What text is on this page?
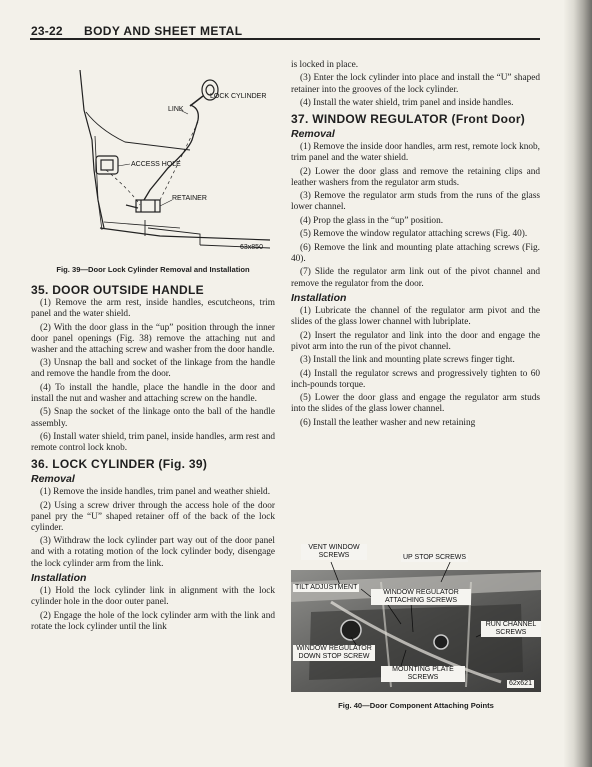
23-22 BODY AND SHEET METAL
LOCK CYLINDER
LINK
ACCESS HOLE
RETAINER
63x850
Fig. 39—Door Lock Cylinder Removal and Installation
35. DOOR OUTSIDE HANDLE

(1) Remove the arm rest, inside handles, escutcheons, trim panel and the water shield.

(2) With the door glass in the “up” position through the inner door panel openings (Fig. 38) remove the attaching nut and washer and the attaching screw and washer from the door handle.

(3) Unsnap the ball and socket of the linkage from the handle and remove the handle from the door.

(4) To install the handle, place the handle in the door and install the nut and washer and attaching screw on the handle.

(5) Snap the socket of the linkage onto the ball of the handle assembly.

(6) Install water shield, trim panel, inside handles, arm rest and remote control lock knob.

36. LOCK CYLINDER (Fig. 39)
Removal

(1) Remove the inside handles, trim panel and weather shield.

(2) Using a screw driver through the access hole of the door panel pry the “U” shaped retainer off of the back of the lock cylinder.

(3) Withdraw the lock cylinder part way out of the door panel and with a rotating motion of the lock cylinder body, disengage the lock cylinder arm from the link.

Installation

(1) Hold the lock cylinder link in alignment with the lock cylinder hole in the door outer panel.

(2) Engage the hole of the lock cylinder arm with the link and rotate the lock cylinder until the link

is locked in place.

(3) Enter the lock cylinder into place and install the “U” shaped retainer into the grooves of the lock cylinder.

(4) Install the water shield, trim panel and inside handles.

37. WINDOW REGULATOR (Front Door)
Removal

(1) Remove the inside door handles, arm rest, remote lock knob, trim panel and the water shield.

(2) Lower the door glass and remove the retaining clips and leather washers from the regulator arm studs.

(3) Remove the regulator arm studs from the runs of the glass lower channel.

(4) Prop the glass in the “up” position.

(5) Remove the window regulator attaching screws (Fig. 40).

(6) Remove the link and mounting plate attaching screws (Fig. 40).

(7) Slide the regulator arm link out of the pivot channel and remove the regulator from the door.

Installation

(1) Lubricate the channel of the regulator arm pivot and the slides of the glass lower channel with lubriplate.

(2) Insert the regulator and link into the door and engage the pivot arm into the run of the pivot channel.

(3) Install the link and mounting plate screws finger tight.

(4) Install the regulator screws and progressively tighten to 60 inch-pounds torque.

(5) Lower the door glass and engage the regulator arm studs into the slides of the glass lower channel.

(6) Install the leather washer and new retaining

VENT WINDOW SCREWS	UP STOP SCREWS
TILT ADJUSTMENT
WINDOW REGULATOR ATTACHING SCREWS
RUN CHANNEL SCREWS
WINDOW REGULATOR DOWN STOP SCREW
MOUNTING PLATE SCREWS
62x621
Fig. 40—Door Component Attaching Points
